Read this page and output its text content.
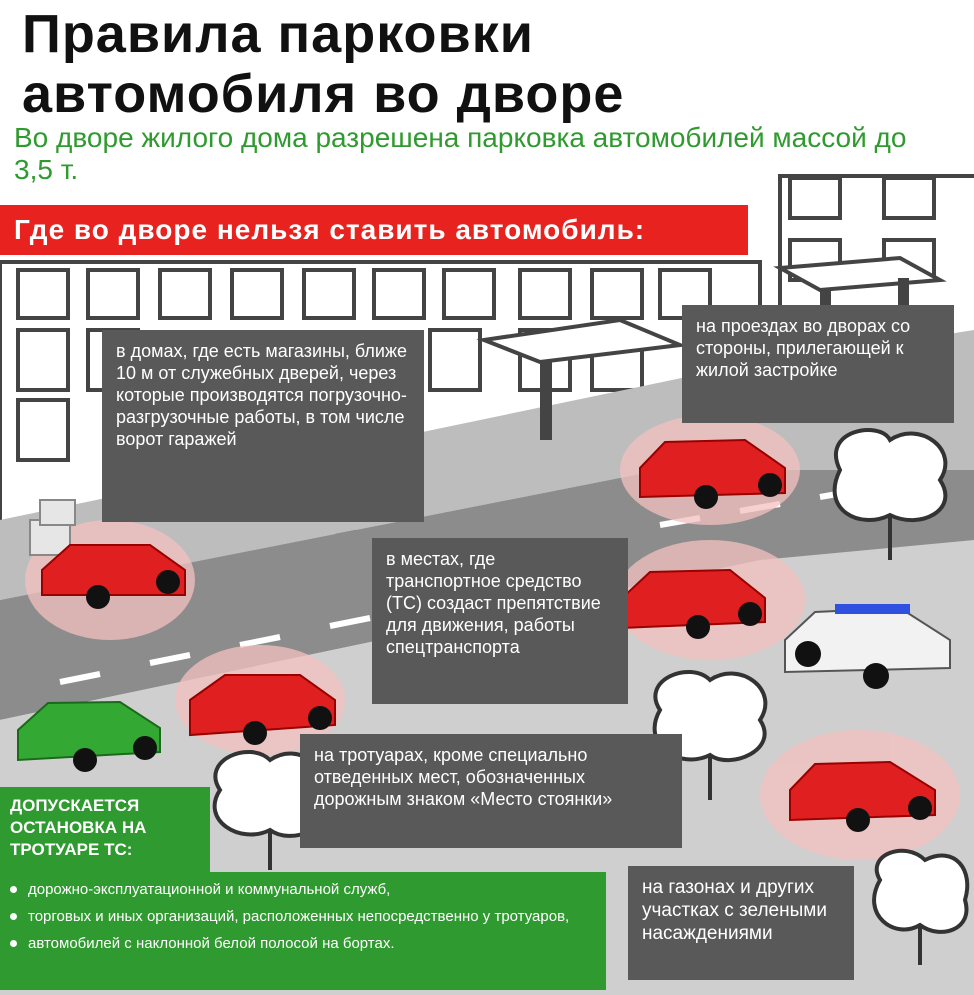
Правила парковки
автомобиля во дворе

Во дворе жилого дома разрешена парковка автомобилей массой до 3,5 т.

Где во дворе нельзя ставить автомобиль:
в домах, где есть магазины, ближе 10 м от служебных дверей, через которые производятся погрузочно-разгрузочные работы, в том числе ворот гаражей
на проездах во дворах со стороны, прилегающей к жилой застройке
в местах, где транспортное средство (ТС) создаст препятствие для движения, работы спецтранспорта
на тротуарах, кроме специально отведенных мест, обозначенных дорожным знаком «Место стоянки»
на газонах и других участках с зелеными насаждениями
ДОПУСКАЕТСЯ ОСТАНОВКА НА ТРОТУАРЕ ТС:
дорожно-эксплуатационной и коммунальной служб,
торговых и иных организаций, расположенных непосредственно у тротуаров,
автомобилей с наклонной белой полосой на бортах.
